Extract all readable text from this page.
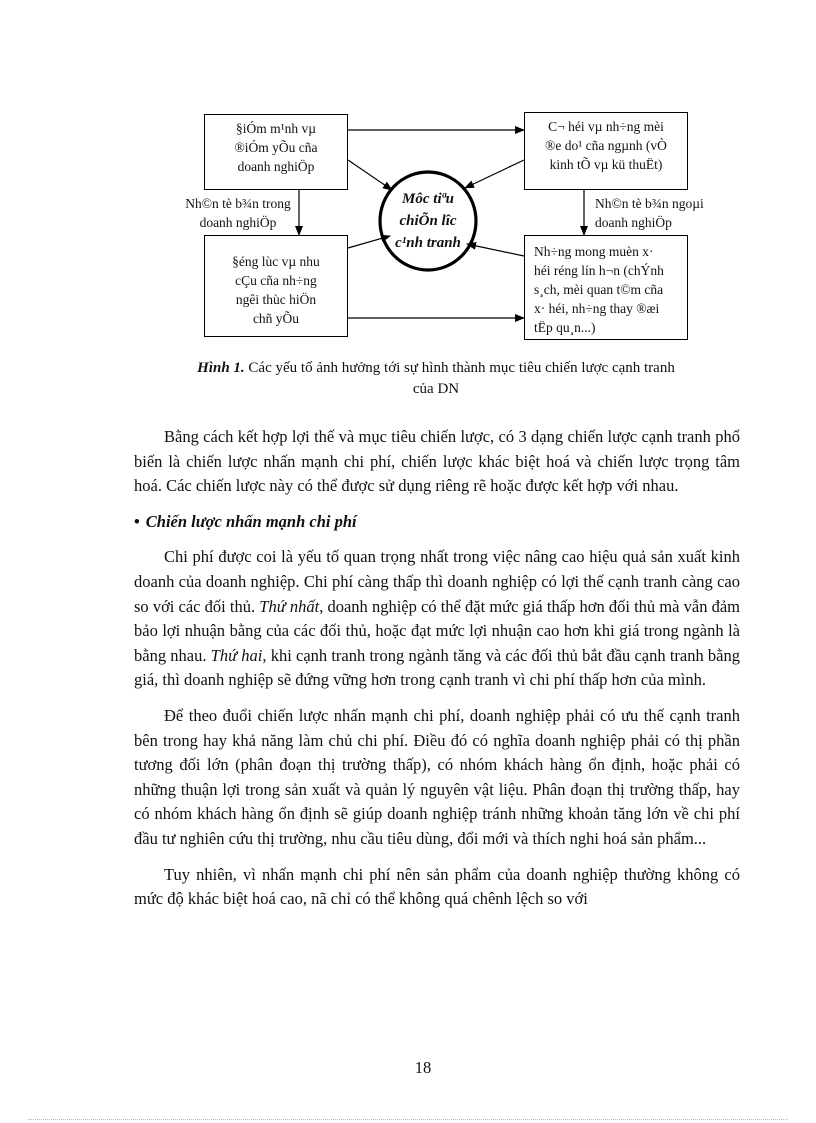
§iÓm m¹nh vµ
®iÓm yÕu cña
doanh nghiÖp
C¬ héi vµ nh÷ng mèi
®e do¹ cña ngµnh (vÒ
kinh tÕ vµ kü thuËt)
§éng lùc vµ nhu
cÇu cña nh÷ng
ngêi thùc hiÖn
chñ yÕu
Nh÷ng mong muèn x·
héi réng lín h¬n (chÝnh
s¸ch, mèi quan t©m cña
x· héi, nh÷ng thay ®æi
tËp qu¸n...)
Nh©n tè b¾n trong
doanh nghiÖp
Nh©n tè b¾n ngoµi
doanh nghiÖp
Môc tiªu
chiÕn lîc
c¹nh tranh
Hình 1. Các yếu tố ảnh hưởng tới sự hình thành mục tiêu chiến lược cạnh tranh
của DN

Bằng cách kết hợp lợi thế và mục tiêu chiến lược, có 3 dạng chiến lược cạnh tranh phổ biến là chiến lược nhấn mạnh chi phí, chiến lược khác biệt hoá và chiến lược trọng tâm hoá. Các chiến lược này có thể được sử dụng riêng rẽ hoặc được kết hợp với nhau.

• Chiến lược nhấn mạnh chi phí

Chi phí được coi là yếu tố quan trọng nhất trong việc nâng cao hiệu quả sản xuất kinh doanh của doanh nghiệp. Chi phí càng thấp thì doanh nghiệp có lợi thế cạnh tranh càng cao so với các đối thủ. Thứ nhất, doanh nghiệp có thể đặt mức giá thấp hơn đối thủ mà vẫn đảm bảo lợi nhuận bằng của các đối thủ, hoặc đạt mức lợi nhuận cao hơn khi giá trong ngành là bằng nhau. Thứ hai, khi cạnh tranh trong ngành tăng và các đối thủ bắt đầu cạnh tranh bằng giá, thì doanh nghiệp sẽ đứng vững hơn trong cạnh tranh vì chi phí thấp hơn của mình.

Để theo đuổi chiến lược nhấn mạnh chi phí, doanh nghiệp phải có ưu thế cạnh tranh bên trong hay khả năng làm chủ chi phí. Điều đó có nghĩa doanh nghiệp phải có thị phần tương đối lớn (phân đoạn thị trường thấp), có nhóm khách hàng ổn định, hoặc phải có những thuận lợi trong sản xuất và quản lý nguyên vật liệu. Phân đoạn thị trường thấp, hay có nhóm khách hàng ổn định sẽ giúp doanh nghiệp tránh những khoản tăng lớn về chi phí đầu tư nghiên cứu thị trường, nhu cầu tiêu dùng, đổi mới và thích nghi hoá sản phẩm...

Tuy nhiên, vì nhấn mạnh chi phí nên sản phẩm của doanh nghiệp thường không có mức độ khác biệt hoá cao, nã chỉ có thể không quá chênh lệch so với

18
